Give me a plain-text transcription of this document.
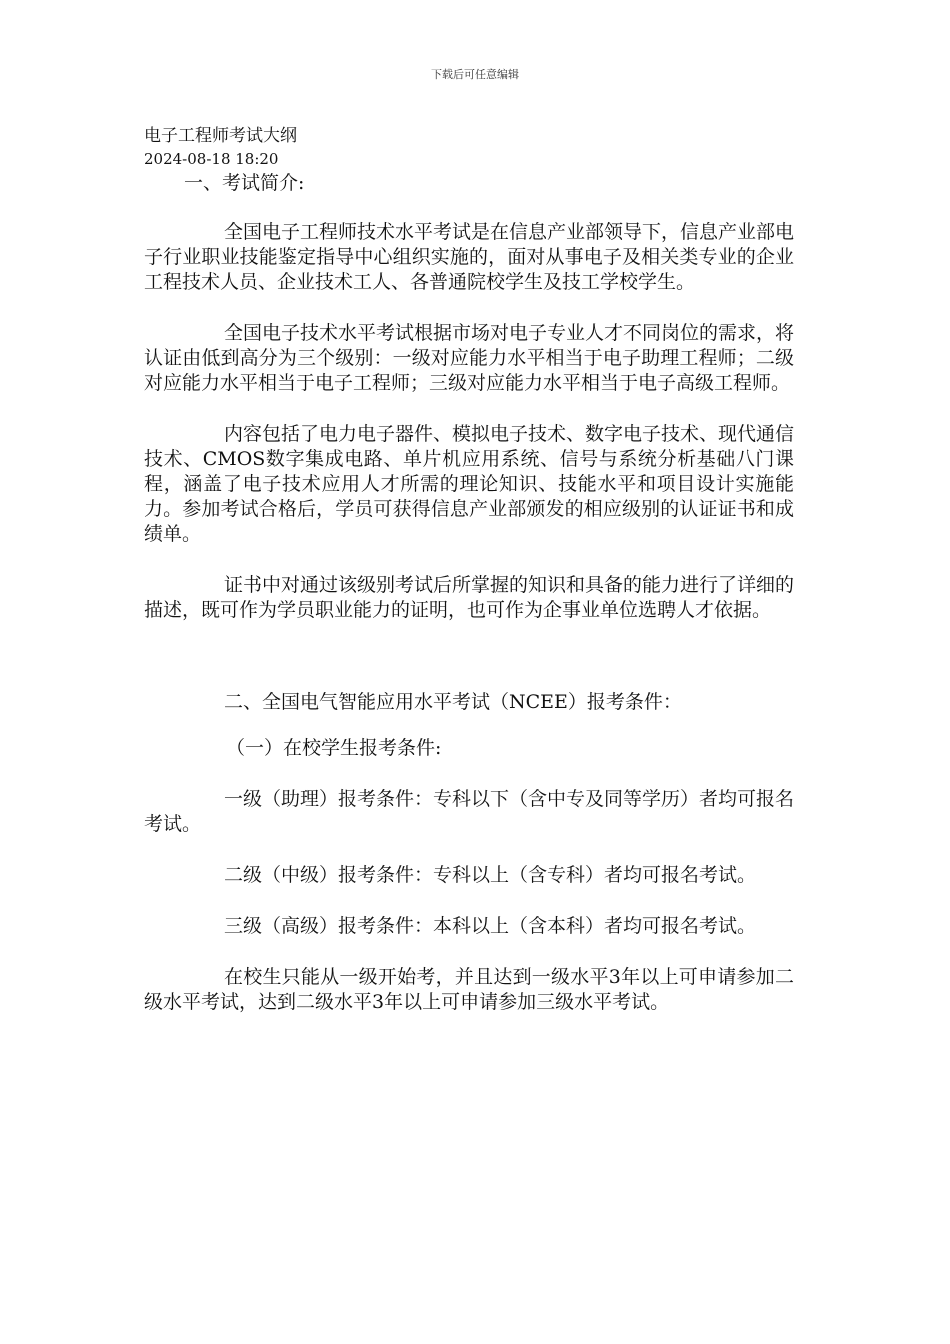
下载后可任意编辑
电子工程师考试大纲
2024-08-18 18:20
一、考试简介:

全国电子工程师技术水平考试是在信息产业部领导下，信息产业部电子行业职业技能鉴定指导中心组织实施的，面对从事电子及相关类专业的企业工程技术人员、企业技术工人、各普通院校学生及技工学校学生。

全国电子技术水平考试根据市场对电子专业人才不同岗位的需求，将认证由低到高分为三个级别：一级对应能力水平相当于电子助理工程师；二级对应能力水平相当于电子工程师；三级对应能力水平相当于电子高级工程师。

内容包括了电力电子器件、模拟电子技术、数字电子技术、现代通信技术、CMOS数字集成电路、单片机应用系统、信号与系统分析基础八门课程，涵盖了电子技术应用人才所需的理论知识、技能水平和项目设计实施能力。参加考试合格后，学员可获得信息产业部颁发的相应级别的认证证书和成绩单。

证书中对通过该级别考试后所掌握的知识和具备的能力进行了详细的描述，既可作为学员职业能力的证明，也可作为企事业单位选聘人才依据。

二、全国电气智能应用水平考试（NCEE）报考条件：
（一）在校学生报考条件:

一级（助理）报考条件：专科以下（含中专及同等学历）者均可报名考试。

二级（中级）报考条件：专科以上（含专科）者均可报名考试。

三级（高级）报考条件：本科以上（含本科）者均可报名考试。

在校生只能从一级开始考，并且达到一级水平3年以上可申请参加二级水平考试，达到二级水平3年以上可申请参加三级水平考试。
